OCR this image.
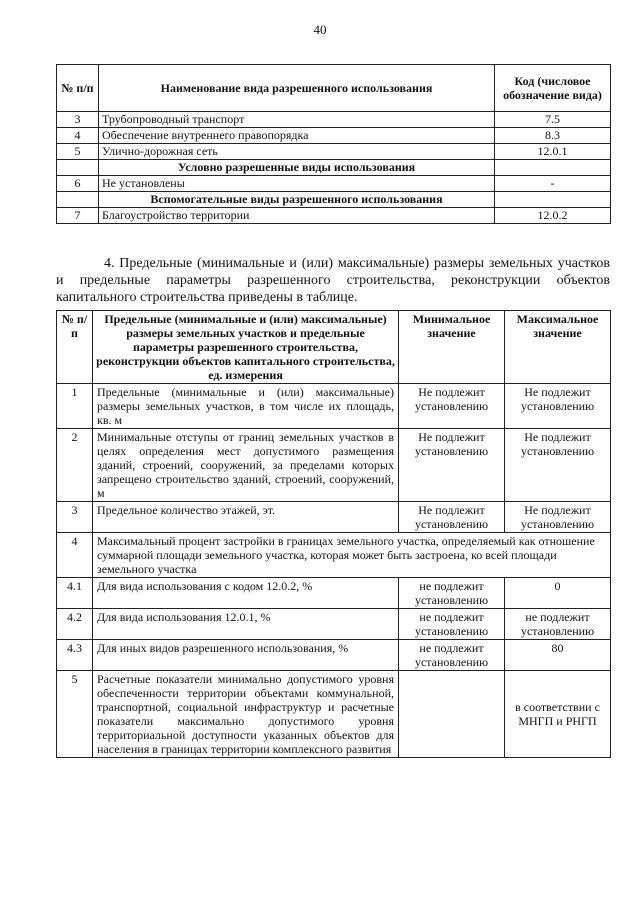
40
№ п/п	Наименование вида разрешенного использования	Код (числовое обозначение вида)
3	Трубопроводный транспорт	7.5
4	Обеспечение внутреннего правопорядка	8.3
5	Улично-дорожная сеть	12.0.1
	Условно разрешенные виды использования	
6	Не установлены	-
	Вспомогательные виды разрешенного использования	
7	Благоустройство территории	12.0.2

4. Предельные (минимальные и (или) максимальные) размеры земельных участков и предельные параметры разрешенного строительства, реконструкции объектов капитального строительства приведены в таблице.

№ п/п	Предельные (минимальные и (или) максимальные) размеры земельных участков и предельные параметры разрешенного строительства, реконструкции объектов капитального строительства, ед. измерения	Минимальное значение	Максимальное значение
1	Предельные (минимальные и (или) максимальные) размеры земельных участков, в том числе их площадь, кв. м	Не подлежит установлению	Не подлежит установлению
2	Минимальные отступы от границ земельных участков в целях определения мест допустимого размещения зданий, строений, сооружений, за пределами которых запрещено строительство зданий, строений, сооружений, м	Не подлежит установлению	Не подлежит установлению
3	Предельное количество этажей, эт.	Не подлежит установлению	Не подлежит установлению
4	Максимальный процент застройки в границах земельного участка, определяемый как отношение суммарной площади земельного участка, которая может быть застроена, ко всей площади земельного участка		
4.1	Для вида использования с кодом 12.0.2, %	не подлежит установлению	0
4.2	Для вида использования 12.0.1, %	не подлежит установлению	не подлежит установлению
4.3	Для иных видов разрешенного использования, %	не подлежит установлению	80
5	Расчетные показатели минимально допустимого уровня обеспеченности территории объектами коммунальной, транспортной, социальной инфраструктур и расчетные показатели максимально допустимого уровня территориальной доступности указанных объектов для населения в границах территории комплексного развития		в соответствии с МНГП и РНГП
